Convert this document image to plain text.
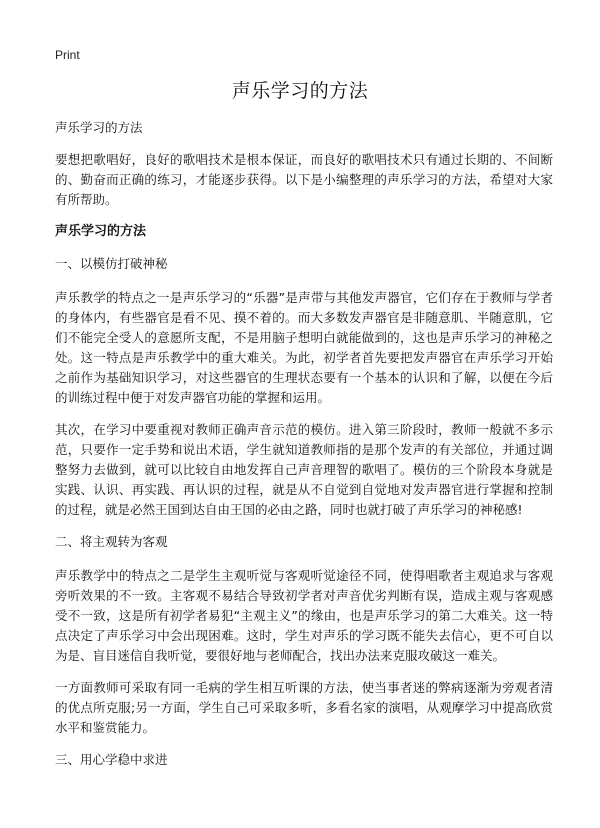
Print
声乐学习的方法

声乐学习的方法

要想把歌唱好，良好的歌唱技术是根本保证，而良好的歌唱技术只有通过长期的、不间断的、勤奋而正确的练习，才能逐步获得。以下是小编整理的声乐学习的方法，希望对大家有所帮助。

声乐学习的方法

一、以模仿打破神秘

声乐教学的特点之一是声乐学习的“乐器”是声带与其他发声器官，它们存在于教师与学者的身体内，有些器官是看不见、摸不着的。而大多数发声器官是非随意肌、半随意肌，它们不能完全受人的意愿所支配，不是用脑子想明白就能做到的，这也是声乐学习的神秘之处。这一特点是声乐教学中的重大难关。为此，初学者首先要把发声器官在声乐学习开始之前作为基础知识学习，对这些器官的生理状态要有一个基本的认识和了解，以便在今后的训练过程中便于对发声器官功能的掌握和运用。

其次，在学习中要重视对教师正确声音示范的模仿。进入第三阶段时，教师一般就不多示范，只要作一定手势和说出术语，学生就知道教师指的是那个发声的有关部位，并通过调整努力去做到，就可以比较自由地发挥自己声音理智的歌唱了。模仿的三个阶段本身就是实践、认识、再实践、再认识的过程，就是从不自觉到自觉地对发声器官进行掌握和控制的过程，就是必然王国到达自由王国的必由之路，同时也就打破了声乐学习的神秘感!

二、将主观转为客观

声乐教学中的特点之二是学生主观听觉与客观听觉途径不同，使得唱歌者主观追求与客观旁听效果的不一致。主客观不易结合导致初学者对声音优劣判断有误，造成主观与客观感受不一致，这是所有初学者易犯“主观主义”的缘由，也是声乐学习的第二大难关。这一特点决定了声乐学习中会出现困难。这时，学生对声乐的学习既不能失去信心，更不可自以为是、盲目迷信自我听觉，要很好地与老师配合，找出办法来克服攻破这一难关。

一方面教师可采取有同一毛病的学生相互听课的方法，使当事者迷的弊病逐渐为旁观者清的优点所克服;另一方面，学生自己可采取多听，多看名家的演唱，从观摩学习中提高欣赏水平和鉴赏能力。

三、用心学稳中求进
